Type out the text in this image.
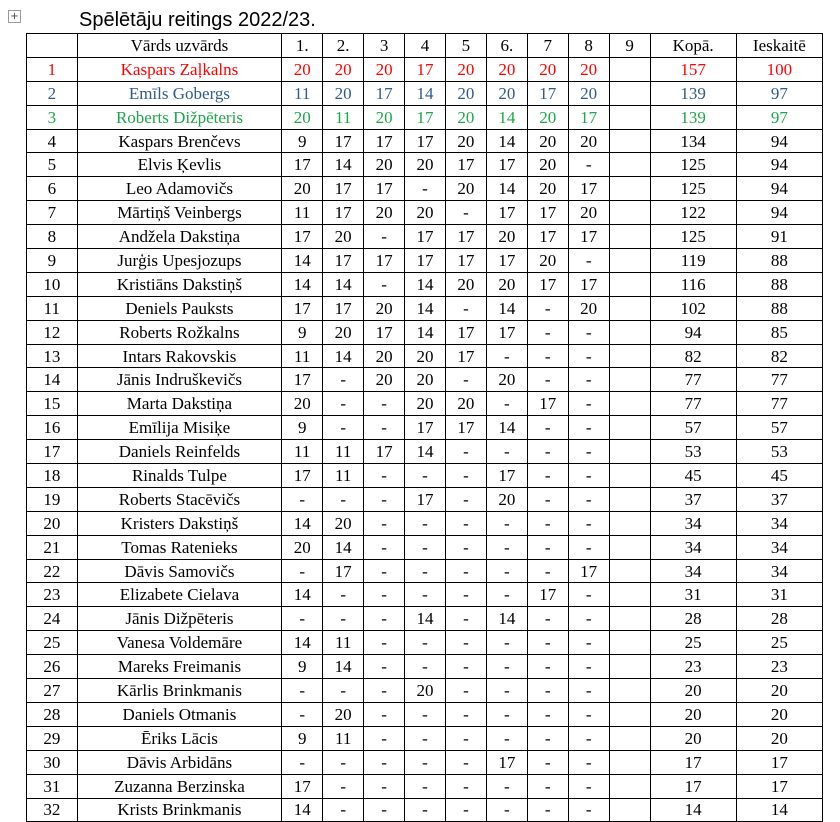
+	Spēlētāju reitings 2022/23.
	Vārds uzvārds	1.	2.	3	4	5	6.	7	8	9	Kopā.	Ieskaitē
1	Kaspars Zaļkalns	20	20	20	17	20	20	20	20		157	100
2	Emīls Gobergs	11	20	17	14	20	20	17	20		139	97
3	Roberts Dižpēteris	20	11	20	17	20	14	20	17		139	97
4	Kaspars Brenčevs	9	17	17	17	20	14	20	20		134	94
5	Elvis Ķevlis	17	14	20	20	17	17	20	-		125	94
6	Leo Adamovičs	20	17	17	-	20	14	20	17		125	94
7	Mārtiņš Veinbergs	11	17	20	20	-	17	17	20		122	94
8	Andžela Dakstiņa	17	20	-	17	17	20	17	17		125	91
9	Jurģis Upesjozups	14	17	17	17	17	17	20	-		119	88
10	Kristiāns Dakstiņš	14	14	-	14	20	20	17	17		116	88
11	Deniels Pauksts	17	17	20	14	-	14	-	20		102	88
12	Roberts Rožkalns	9	20	17	14	17	17	-	-		94	85
13	Intars Rakovskis	11	14	20	20	17	-	-	-		82	82
14	Jānis Indruškevičs	17	-	20	20	-	20	-	-		77	77
15	Marta Dakstiņa	20	-	-	20	20	-	17	-		77	77
16	Emīlija Misiķe	9	-	-	17	17	14	-	-		57	57
17	Daniels Reinfelds	11	11	17	14	-	-	-	-		53	53
18	Rinalds Tulpe	17	11	-	-	-	17	-	-		45	45
19	Roberts Stacēvičs	-	-	-	17	-	20	-	-		37	37
20	Kristers Dakstiņš	14	20	-	-	-	-	-	-		34	34
21	Tomas Ratenieks	20	14	-	-	-	-	-	-		34	34
22	Dāvis Samovičs	-	17	-	-	-	-	-	17		34	34
23	Elizabete Cielava	14	-	-	-	-	-	17	-		31	31
24	Jānis Dižpēteris	-	-	-	14	-	14	-	-		28	28
25	Vanesa Voldemāre	14	11	-	-	-	-	-	-		25	25
26	Mareks Freimanis	9	14	-	-	-	-	-	-		23	23
27	Kārlis Brinkmanis	-	-	-	20	-	-	-	-		20	20
28	Daniels Otmanis	-	20	-	-	-	-	-	-		20	20
29	Ēriks Lācis	9	11	-	-	-	-	-	-		20	20
30	Dāvis Arbidāns	-	-	-	-	-	17	-	-		17	17
31	Zuzanna Berzinska	17	-	-	-	-	-	-	-		17	17
32	Krists Brinkmanis	14	-	-	-	-	-	-	-		14	14
